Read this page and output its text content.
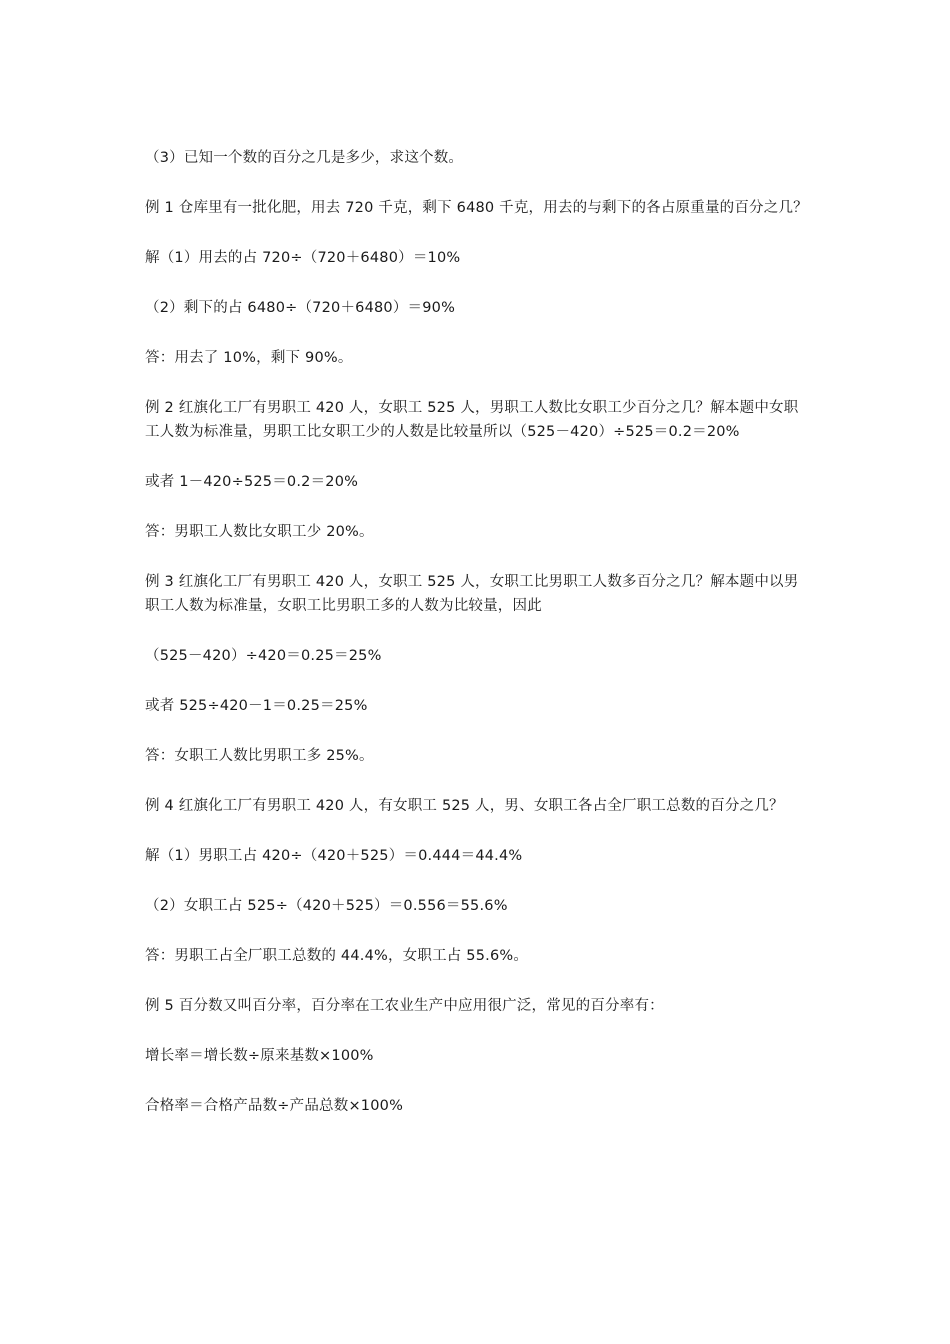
（3）已知一个数的百分之几是多少，求这个数。

例 1 仓库里有一批化肥，用去 720 千克，剩下 6480 千克，用去的与剩下的各占原重量的百分之几？

解（1）用去的占 720÷（720＋6480）＝10%

（2）剩下的占 6480÷（720＋6480）＝90%

答：用去了 10%，剩下 90%。

例 2 红旗化工厂有男职工 420 人，女职工 525 人，男职工人数比女职工少百分之几？解本题中女职工人数为标准量，男职工比女职工少的人数是比较量所以（525－420）÷525＝0.2＝20%

或者 1－420÷525＝0.2＝20%

答：男职工人数比女职工少 20%。

例 3 红旗化工厂有男职工 420 人，女职工 525 人，女职工比男职工人数多百分之几？解本题中以男职工人数为标准量，女职工比男职工多的人数为比较量，因此

（525－420）÷420＝0.25＝25%

或者 525÷420－1＝0.25＝25%

答：女职工人数比男职工多 25%。

例 4 红旗化工厂有男职工 420 人，有女职工 525 人，男、女职工各占全厂职工总数的百分之几？

解（1）男职工占 420÷（420＋525）＝0.444＝44.4%

（2）女职工占 525÷（420＋525）＝0.556＝55.6%

答：男职工占全厂职工总数的 44.4%，女职工占 55.6%。

例 5 百分数又叫百分率，百分率在工农业生产中应用很广泛，常见的百分率有：

增长率＝增长数÷原来基数×100%

合格率＝合格产品数÷产品总数×100%
